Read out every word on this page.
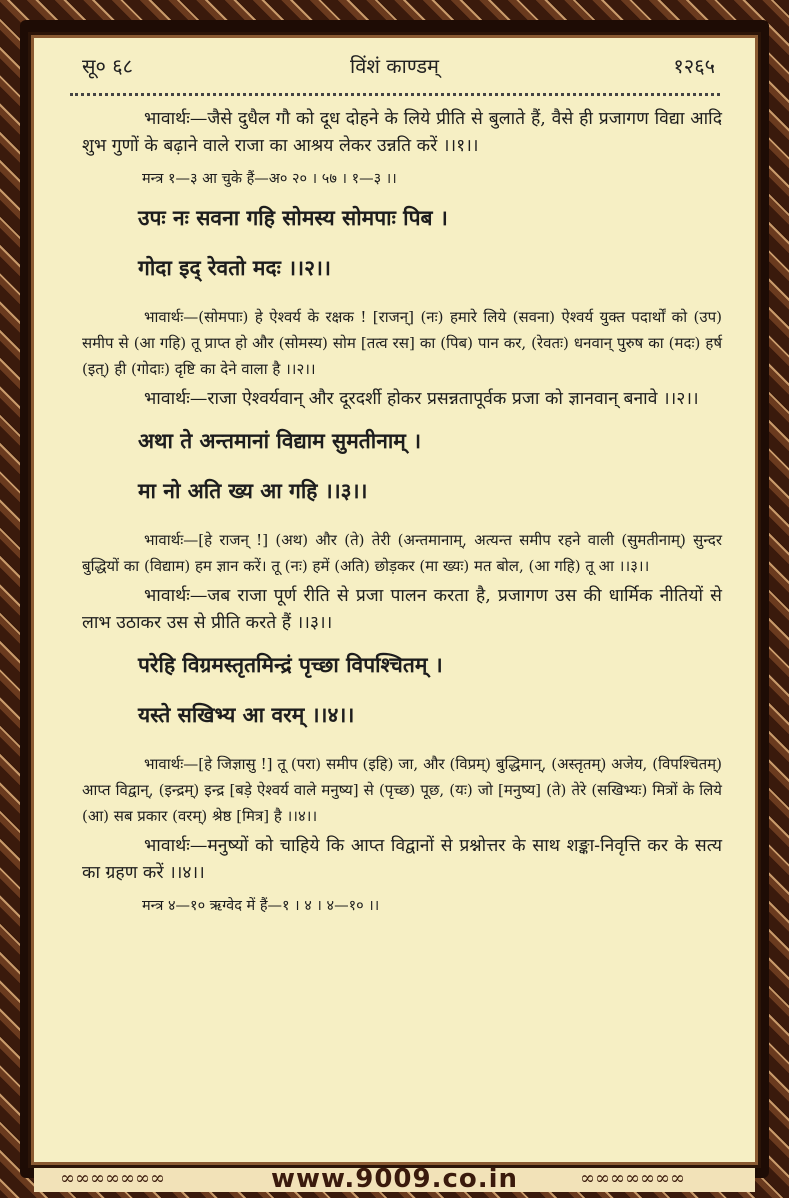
सू० ६८	विंशं काण्डम्	१२६५

भावार्थः—जैसे दुधैल गौ को दूध दोहने के लिये प्रीति से बुलाते हैं, वैसे ही प्रजागण विद्या आदि शुभ गुणों के बढ़ाने वाले राजा का आश्रय लेकर उन्नति करें ।।१।।

मन्त्र १—३ आ चुके हैं—अ० २० । ५७ । १—३ ।।

उपः नः सवना गहि सोमस्य सोमपाः पिब ।
गोदा इद् रेवतो मदः ।।२।।

भावार्थः—(सोमपाः) हे ऐश्वर्य के रक्षक ! [राजन्] (नः) हमारे लिये (सवना) ऐश्वर्य युक्त पदार्थों को (उप) समीप से (आ गहि) तू प्राप्त हो और (सोमस्य) सोम [तत्व रस] का (पिब) पान कर, (रेवतः) धनवान् पुरुष का (मदः) हर्ष (इत्) ही (गोदाः) दृष्टि का देने वाला है ।।२।।

भावार्थः—राजा ऐश्वर्यवान् और दूरदर्शी होकर प्रसन्नतापूर्वक प्रजा को ज्ञानवान् बनावे ।।२।।

अथा ते अन्तमानां विद्याम सुमतीनाम् ।
मा नो अति ख्य आ गहि ।।३।।

भावार्थः—[हे राजन् !] (अथ) और (ते) तेरी (अन्तमानाम्, अत्यन्त समीप रहने वाली (सुमतीनाम्) सुन्दर बुद्धियों का (विद्याम) हम ज्ञान करें। तू (नः) हमें (अति) छोड़कर (मा ख्यः) मत बोल, (आ गहि) तू आ ।।३।।

भावार्थः—जब राजा पूर्ण रीति से प्रजा पालन करता है, प्रजागण उस की धार्मिक नीतियों से लाभ उठाकर उस से प्रीति करते हैं ।।३।।

परेहि विग्रमस्तृतमिन्द्रं पृच्छा विपश्चितम् ।
यस्ते सखिभ्य आ वरम् ।।४।।

भावार्थः—[हे जिज्ञासु !] तू (परा) समीप (इहि) जा, और (विप्रम्) बुद्धिमान्, (अस्तृतम्) अजेय, (विपश्चितम्) आप्त विद्वान्, (इन्द्रम्) इन्द्र [बड़े ऐश्वर्य वाले मनुष्य] से (पृच्छ) पूछ, (यः) जो [मनुष्य] (ते) तेरे (सखिभ्यः) मित्रों के लिये (आ) सब प्रकार (वरम्) श्रेष्ठ [मित्र] है ।।४।।

भावार्थः—मनुष्यों को चाहिये कि आप्त विद्वानों से प्रश्नोत्तर के साथ शङ्का-निवृत्ति कर के सत्य का ग्रहण करें ।।४।।

मन्त्र ४—१० ऋग्वेद में हैं—१ । ४ । ४—१० ।।

∞∞∞∞∞∞∞	www.9009.co.in	∞∞∞∞∞∞∞
